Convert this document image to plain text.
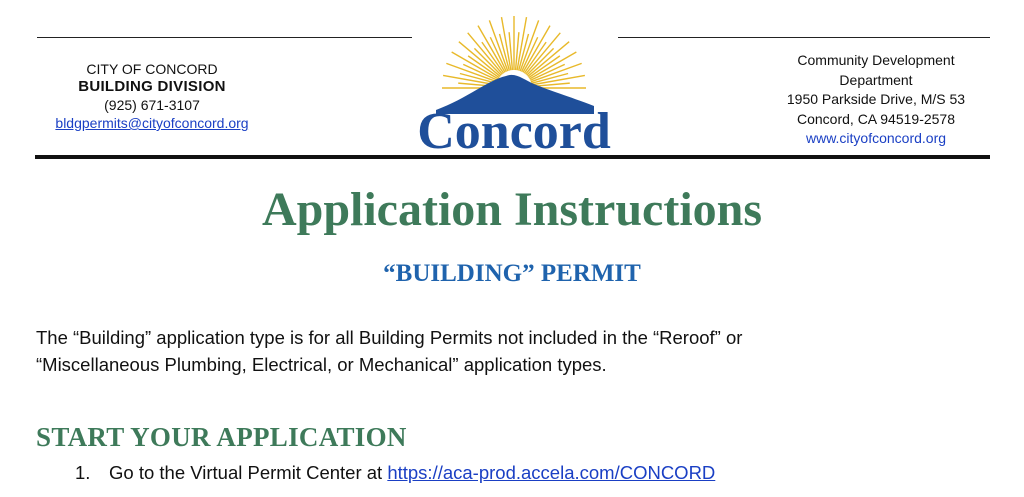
CITY OF CONCORD
BUILDING DIVISION
(925) 671-3107
bldgpermits@cityofconcord.org	Concord
Community Development
Department
1950 Parkside Drive, M/S 53
Concord, CA 94519-2578
www.cityofconcord.org
Application Instructions
“BUILDING” PERMIT
The “Building” application type is for all Building Permits not included in the “Reroof” or
“Miscellaneous Plumbing, Electrical, or Mechanical” application types.
START YOUR APPLICATION
1. Go to the Virtual Permit Center at https://aca-prod.accela.com/CONCORD
